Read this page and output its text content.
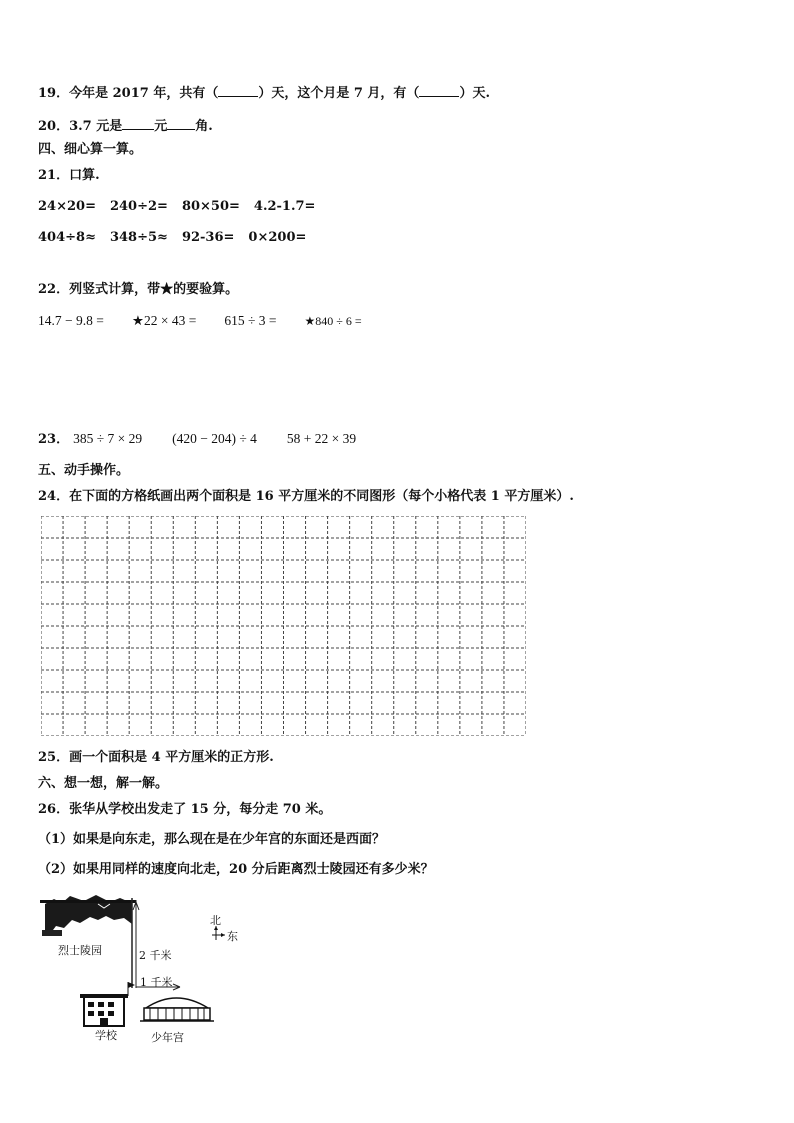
19．今年是 2017 年，共有（	）天，这个月是 7 月，有（	）天.
20．3.7 元是 元 角.
四、细心算一算。
21．口算.
24×20= 240÷2= 80×50= 4.2-1.7=
404÷8≈ 348÷5≈ 92-36= 0×200=
22．列竖式计算，带★的要验算。
14.7 − 9.8 = ★22 × 43 = 615 ÷ 3 = ★840 ÷ 6 =
23． 385 ÷ 7 × 29 (420 − 204) ÷ 4 58 + 22 × 39
五、动手操作。
24．在下面的方格纸画出两个面积是 16 平方厘米的不同图形（每个小格代表 1 平方厘米）.
25．画一个面积是 4 平方厘米的正方形.
六、想一想，解一解。
26．张华从学校出发走了 15 分，每分走 70 米。
（1）如果是向东走，那么现在是在少年宫的东面还是西面？
（2）如果用同样的速度向北走，20 分后距离烈士陵园还有多少米？
烈士陵园	2 千米
1 千米
北
东
学校	少年宫
